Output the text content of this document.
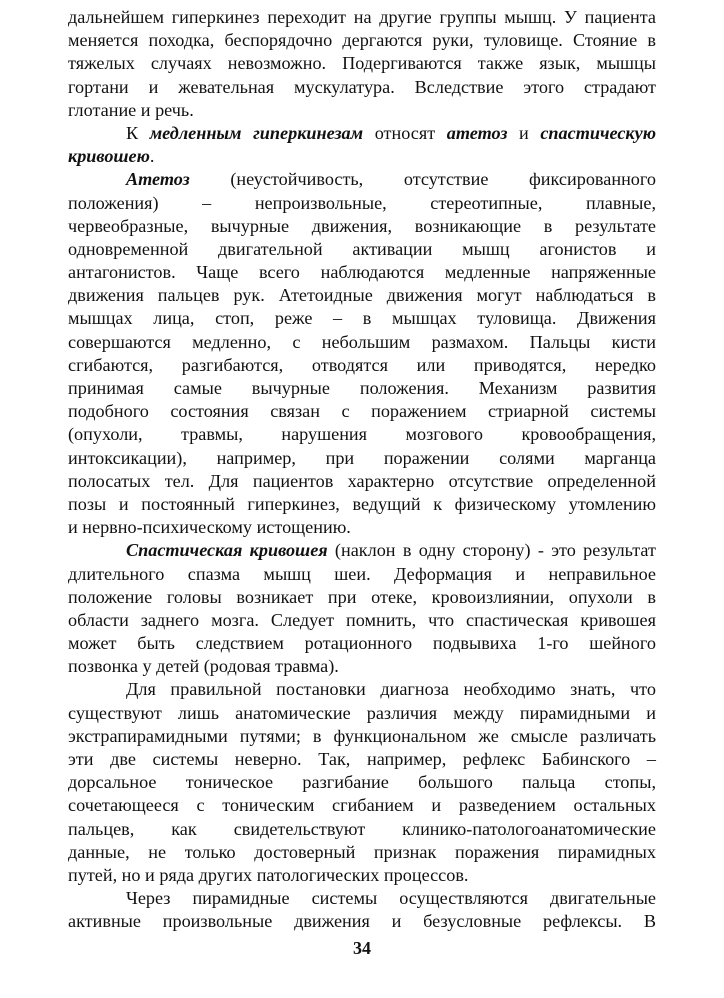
дальнейшем гиперкинез переходит на другие группы мышц. У пациента
меняется походка, беспорядочно дергаются руки, туловище. Стояние в
тяжелых случаях невозможно. Подергиваются также язык, мышцы
гортани и жевательная мускулатура. Вследствие этого страдают
глотание и речь.
К медленным гиперкинезам относят атетоз и спастическую
кривошею.
Атетоз (неустойчивость, отсутствие фиксированного
положения) – непроизвольные, стереотипные, плавные,
червеобразные, вычурные движения, возникающие в результате
одновременной двигательной активации мышц агонистов и
антагонистов. Чаще всего наблюдаются медленные напряженные
движения пальцев рук. Атетоидные движения могут наблюдаться в
мышцах лица, стоп, реже – в мышцах туловища. Движения
совершаются медленно, с небольшим размахом. Пальцы кисти
сгибаются, разгибаются, отводятся или приводятся, нередко
принимая самые вычурные положения. Механизм развития
подобного состояния связан с поражением стриарной системы
(опухоли, травмы, нарушения мозгового кровообращения,
интоксикации), например, при поражении солями марганца
полосатых тел. Для пациентов характерно отсутствие определенной
позы и постоянный гиперкинез, ведущий к физическому утомлению
и нервно-психическому истощению.
Спастическая кривошея (наклон в одну сторону) - это результат
длительного спазма мышц шеи. Деформация и неправильное
положение головы возникает при отеке, кровоизлиянии, опухоли в
области заднего мозга. Следует помнить, что спастическая кривошея
может быть следствием ротационного подвывиха 1-го шейного
позвонка у детей (родовая травма).
Для правильной постановки диагноза необходимо знать, что
существуют лишь анатомические различия между пирамидными и
экстрапирамидными путями; в функциональном же смысле различать
эти две системы неверно. Так, например, рефлекс Бабинского –
дорсальное тоническое разгибание большого пальца стопы,
сочетающееся с тоническим сгибанием и разведением остальных
пальцев, как свидетельствуют клинико-патологоанатомические
данные, не только достоверный признак поражения пирамидных
путей, но и ряда других патологических процессов.
Через пирамидные системы осуществляются двигательные
активные произвольные движения и безусловные рефлексы. В
34
